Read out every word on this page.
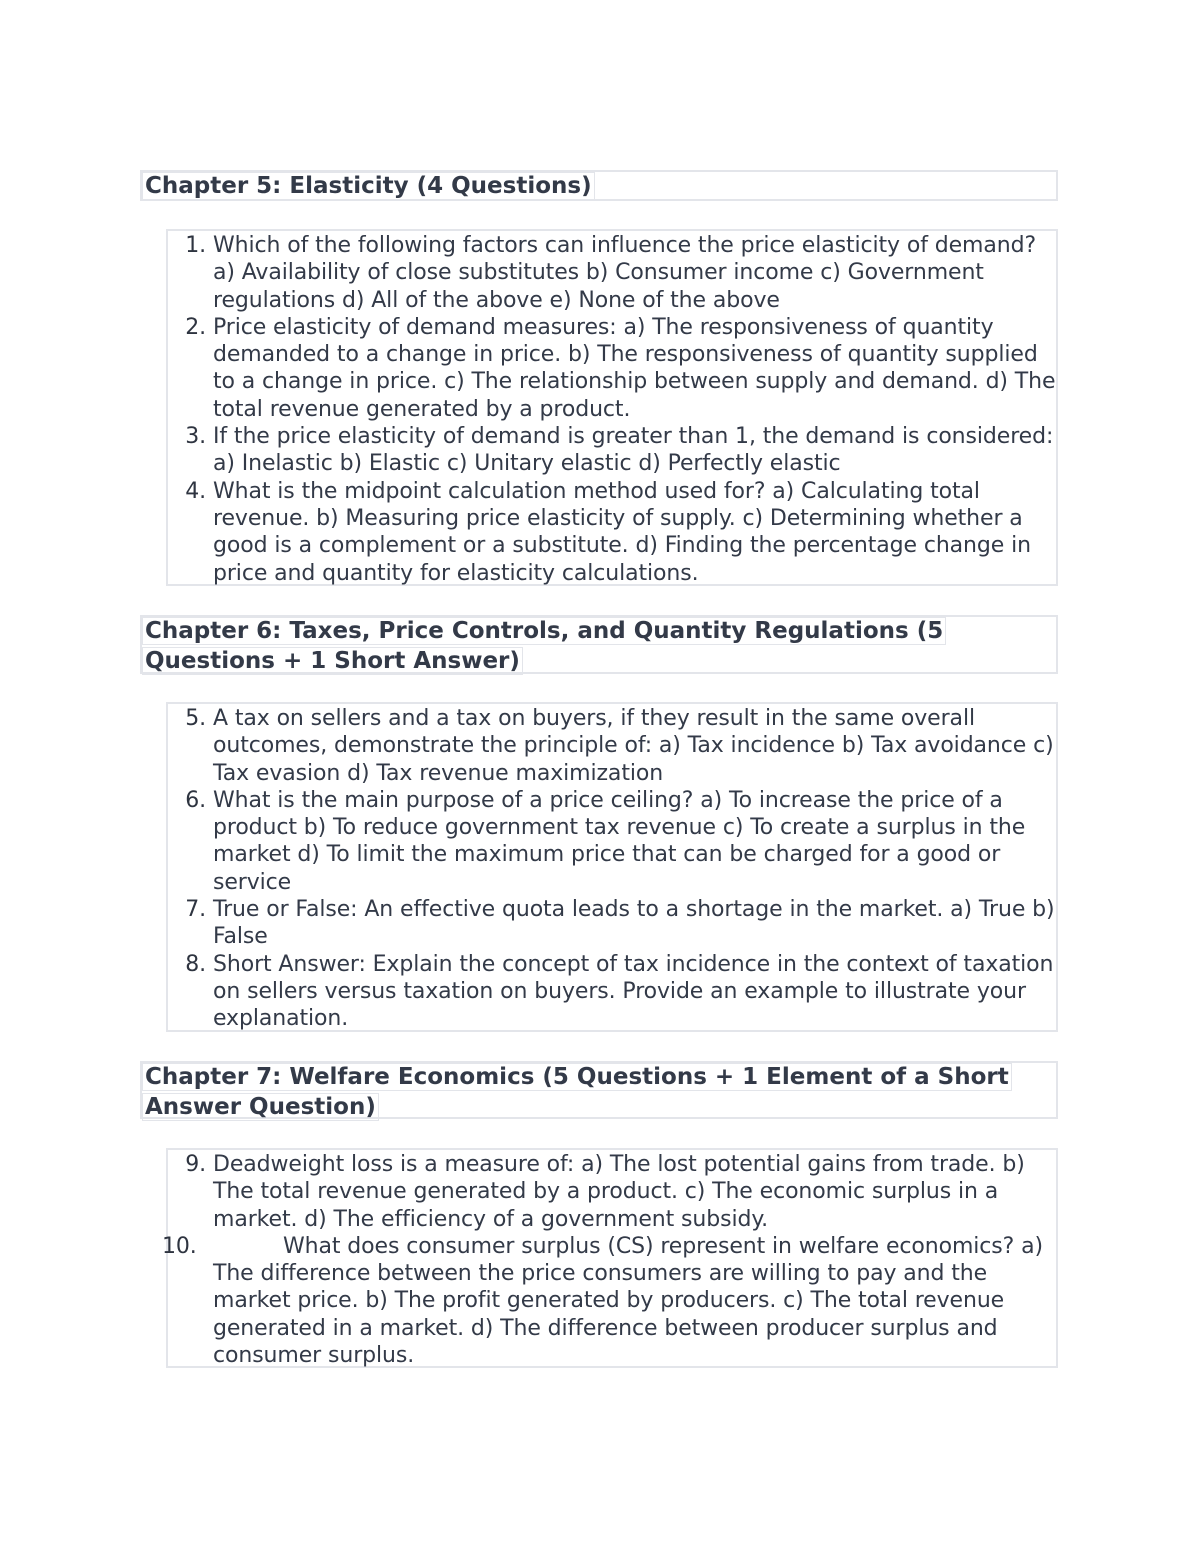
Chapter 5: Elasticity (4 Questions)
1. Which of the following factors can influence the price elasticity of demand? a) Availability of close substitutes b) Consumer income c) Government regulations d) All of the above e) None of the above
2. Price elasticity of demand measures: a) The responsiveness of quantity demanded to a change in price. b) The responsiveness of quantity supplied to a change in price. c) The relationship between supply and demand. d) The total revenue generated by a product.
3. If the price elasticity of demand is greater than 1, the demand is considered: a) Inelastic b) Elastic c) Unitary elastic d) Perfectly elastic
4. What is the midpoint calculation method used for? a) Calculating total revenue. b) Measuring price elasticity of supply. c) Determining whether a good is a complement or a substitute. d) Finding the percentage change in price and quantity for elasticity calculations.
Chapter 6: Taxes, Price Controls, and Quantity Regulations (5 Questions + 1 Short Answer)
5. A tax on sellers and a tax on buyers, if they result in the same overall outcomes, demonstrate the principle of: a) Tax incidence b) Tax avoidance c) Tax evasion d) Tax revenue maximization
6. What is the main purpose of a price ceiling? a) To increase the price of a product b) To reduce government tax revenue c) To create a surplus in the market d) To limit the maximum price that can be charged for a good or service
7. True or False: An effective quota leads to a shortage in the market. a) True b) False
8. Short Answer: Explain the concept of tax incidence in the context of taxation on sellers versus taxation on buyers. Provide an example to illustrate your explanation.
Chapter 7: Welfare Economics (5 Questions + 1 Element of a Short Answer Question)
9. Deadweight loss is a measure of: a) The lost potential gains from trade. b) The total revenue generated by a product. c) The economic surplus in a market. d) The efficiency of a government subsidy.
10.	What does consumer surplus (CS) represent in welfare economics? a) The difference between the price consumers are willing to pay and the market price. b) The profit generated by producers. c) The total revenue generated in a market. d) The difference between producer surplus and consumer surplus.
